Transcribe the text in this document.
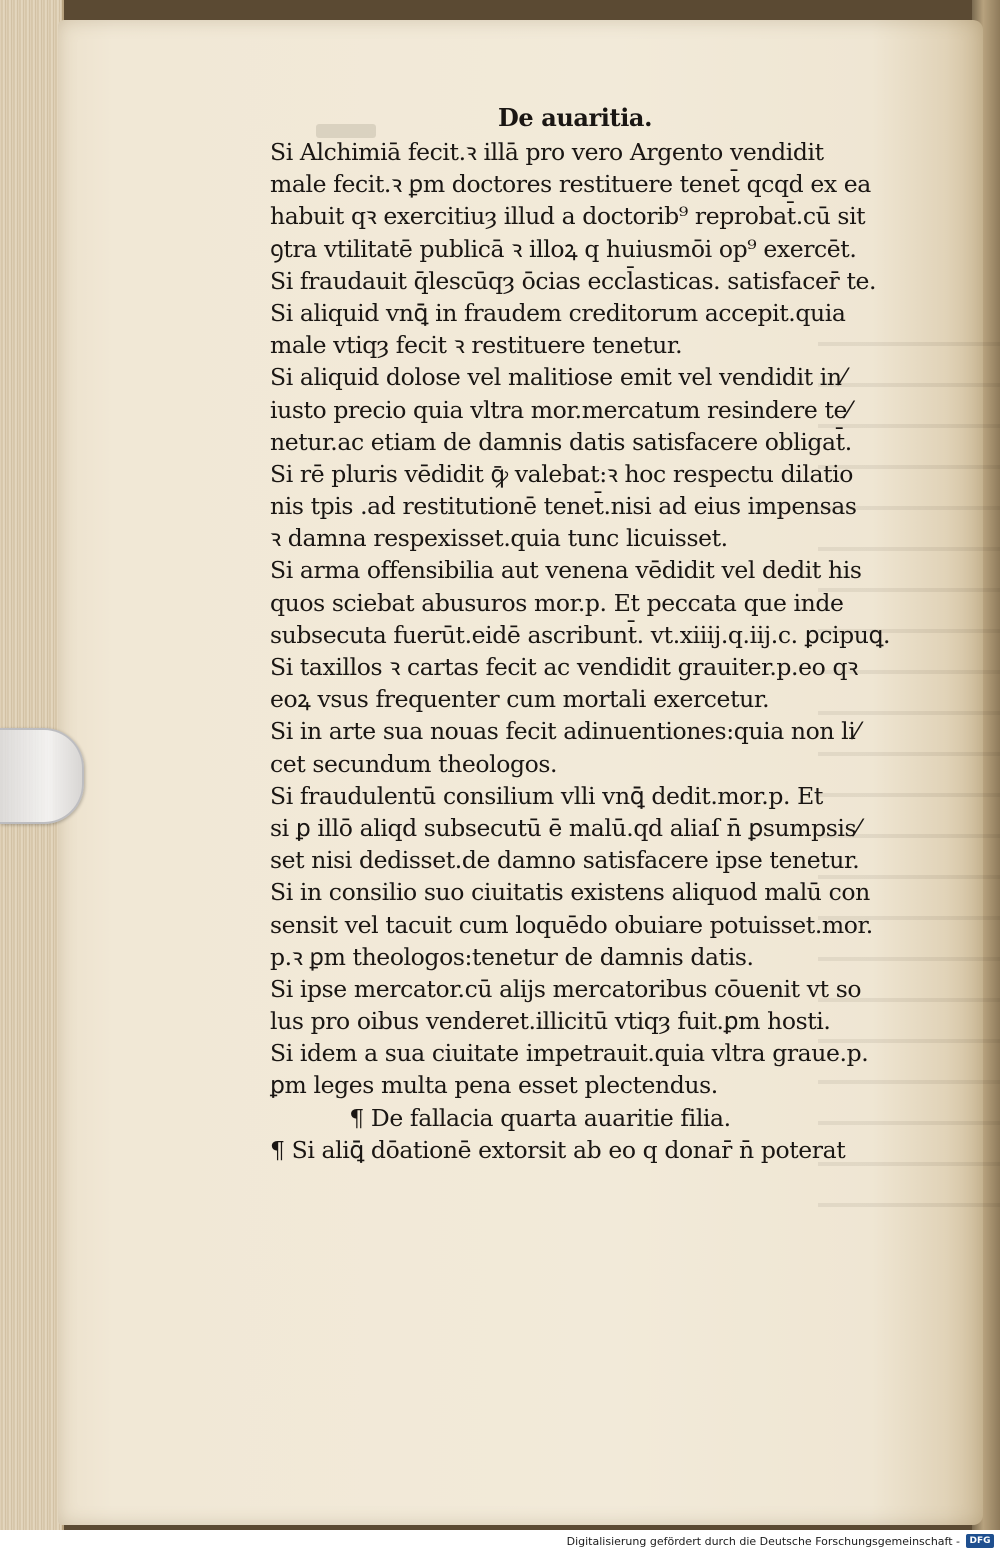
De auaritia.
Si Alchimiā fecit.ꝛ illā pro vero Argento vendidit
male fecit.ꝛ ꝑm doctores restituere tenet̄ qcqd ex ea
habuit qꝛ exercitiuȝ illud a doctorib⁹ reprobat̄.cū sit
ꝯtra vtilitatē publicā ꝛ illoꝝ q huiusmōi op⁹ exercēt.
Si fraudauit q̄lescūqȝ ōcias eccl̄asticas. satisfacer̄ te.
Si aliquid vnꝗ̄ in fraudem creditorum accepit.quia
male vtiqȝ fecit ꝛ restituere tenetur.
Si aliquid dolose vel malitiose emit vel vendidit in⁄
iusto precio quia vltra mor.mercatum resindere te⁄
netur.ac etiam de damnis datis satisfacere obligat̄.
Si rē pluris vēdidit ꝙ̄ valebat:ꝛ hoc respectu dilatio
nis tpis .ad restitutionē tenet̄.nisi ad eius impensas
ꝛ damna respexisset.quia tunc licuisset.
Si arma offensibilia aut venena vēdidit vel dedit his
quos sciebat abusuros mor.p. Et peccata que inde
subsecuta fuerūt.eidē ascribunt̄. vt.xiiij.q.iij.c. ꝑcipuꝗ.
Si taxillos ꝛ cartas fecit ac vendidit grauiter.p.eo qꝛ
eoꝝ vsus frequenter cum mortali exercetur.
Si in arte sua nouas fecit adinuentiones:quia non li⁄
cet secundum theologos.
Si fraudulentū consilium vlli vnꝗ̄ dedit.mor.p. Et
si ꝑ illō aliqd subsecutū ē malū.qd aliaſ n̄ ꝑsumpsis⁄
set nisi dedisset.de damno satisfacere ipse tenetur.
Si in consilio suo ciuitatis existens aliquod malū con
sensit vel tacuit cum loquēdo obuiare potuisset.mor.
p.ꝛ ꝑm theologos:tenetur de damnis datis.
Si ipse mercator.cū alijs mercatoribus cōuenit vt so
lus pro oibus venderet.illicitū vtiqȝ fuit.ꝑm hosti.
Si idem a sua ciuitate impetrauit.quia vltra graue.p.
ꝑm leges multa pena esset plectendus.
¶ De fallacia quarta auaritie filia.
¶ Si aliꝗ̄ dōationē extorsit ab eo q donar̄ n̄ poterat
Digitalisierung gefördert durch die Deutsche Forschungsgemeinschaft -	DFG
